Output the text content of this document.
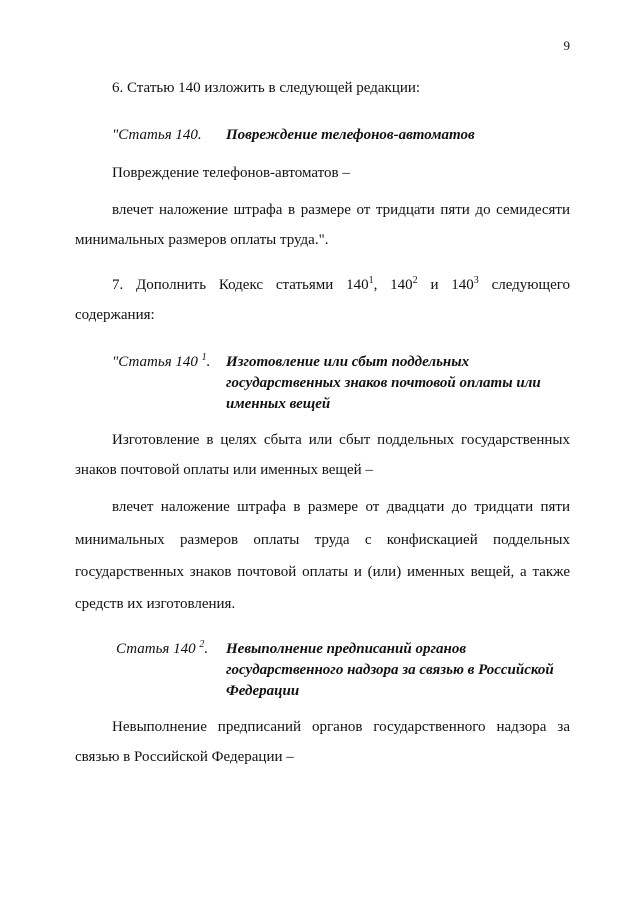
9
6. Статью 140 изложить в следующей редакции:
"Статья 140. Повреждение телефонов-автоматов
Повреждение телефонов-автоматов –
влечет наложение штрафа в размере от тридцати пяти до семидесяти
минимальных размеров оплаты труда.".
7. Дополнить Кодекс статьями $140^1$, $140^2$ и $140^3$ следующего
содержания:
"Статья 140 $^1$. Изготовление или сбыт поддельных
государственных знаков почтовой оплаты или
именных вещей
Изготовление в целях сбыта или сбыт поддельных государственных
знаков почтовой оплаты или именных вещей –
влечет наложение штрафа в размере от двадцати до тридцати пяти
минимальных размеров оплаты труда с конфискацией поддельных
государственных знаков почтовой оплаты и (или) именных вещей, а также
средств их изготовления.
Статья 140 $^2$. Невыполнение предписаний органов
государственного надзора за связью в Российской
Федерации
Невыполнение предписаний органов государственного надзора за
связью в Российской Федерации –
